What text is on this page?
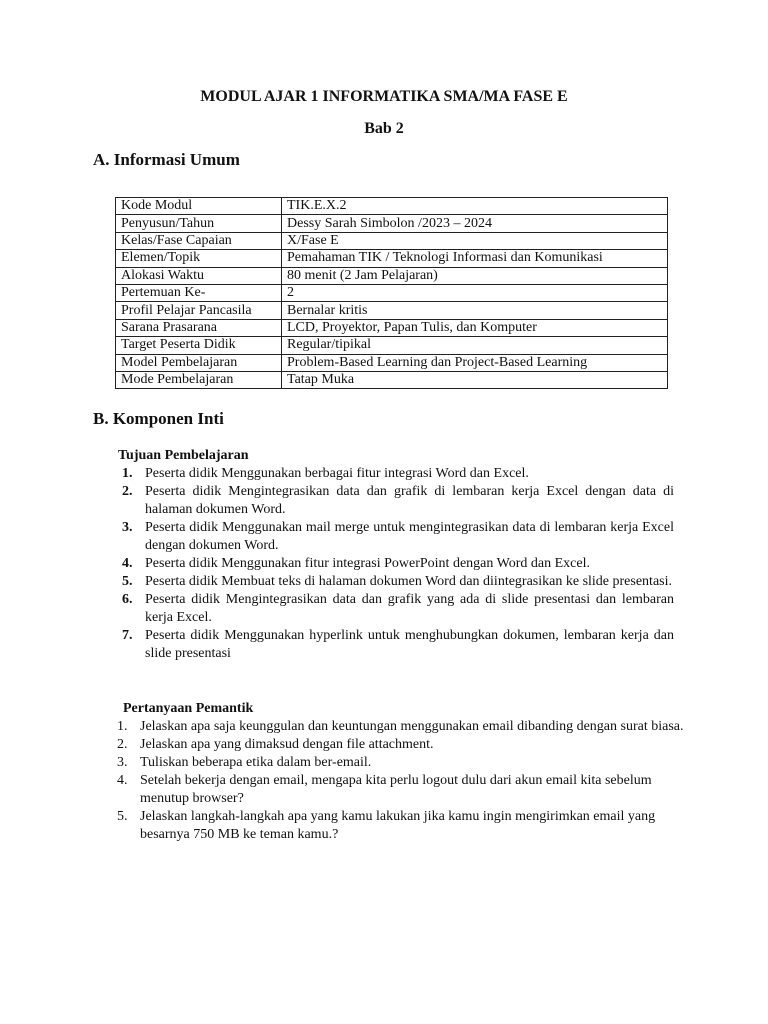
MODUL AJAR 1 INFORMATIKA SMA/MA FASE E
Bab 2
A. Informasi Umum
Kode Modul	TIK.E.X.2
Penyusun/Tahun	Dessy Sarah Simbolon /2023 – 2024
Kelas/Fase Capaian	X/Fase E
Elemen/Topik	Pemahaman TIK / Teknologi Informasi dan Komunikasi
Alokasi Waktu	80 menit (2 Jam Pelajaran)
Pertemuan Ke-	2
Profil Pelajar Pancasila	Bernalar kritis
Sarana Prasarana	LCD, Proyektor, Papan Tulis, dan Komputer
Target Peserta Didik	Regular/tipikal
Model Pembelajaran	Problem-Based Learning dan Project-Based Learning
Mode Pembelajaran	Tatap Muka
B. Komponen Inti
Tujuan Pembelajaran
1. Peserta didik Menggunakan berbagai fitur integrasi Word dan Excel.
2. Peserta didik Mengintegrasikan data dan grafik di lembaran kerja Excel dengan data di halaman dokumen Word.
3. Peserta didik Menggunakan mail merge untuk mengintegrasikan data di lembaran kerja Excel dengan dokumen Word.
4. Peserta didik Menggunakan fitur integrasi PowerPoint dengan Word dan Excel.
5. Peserta didik Membuat teks di halaman dokumen Word dan diintegrasikan ke slide presentasi.
6. Peserta didik Mengintegrasikan data dan grafik yang ada di slide presentasi dan lembaran kerja Excel.
7. Peserta didik Menggunakan hyperlink untuk menghubungkan dokumen, lembaran kerja dan slide presentasi
Pertanyaan Pemantik
1. Jelaskan apa saja keunggulan dan keuntungan menggunakan email dibanding dengan surat biasa.
2. Jelaskan apa yang dimaksud dengan file attachment.
3. Tuliskan beberapa etika dalam ber-email.
4. Setelah bekerja dengan email, mengapa kita perlu logout dulu dari akun email kita sebelum menutup browser?
5. Jelaskan langkah-langkah apa yang kamu lakukan jika kamu ingin mengirimkan email yang besarnya 750 MB ke teman kamu.?
